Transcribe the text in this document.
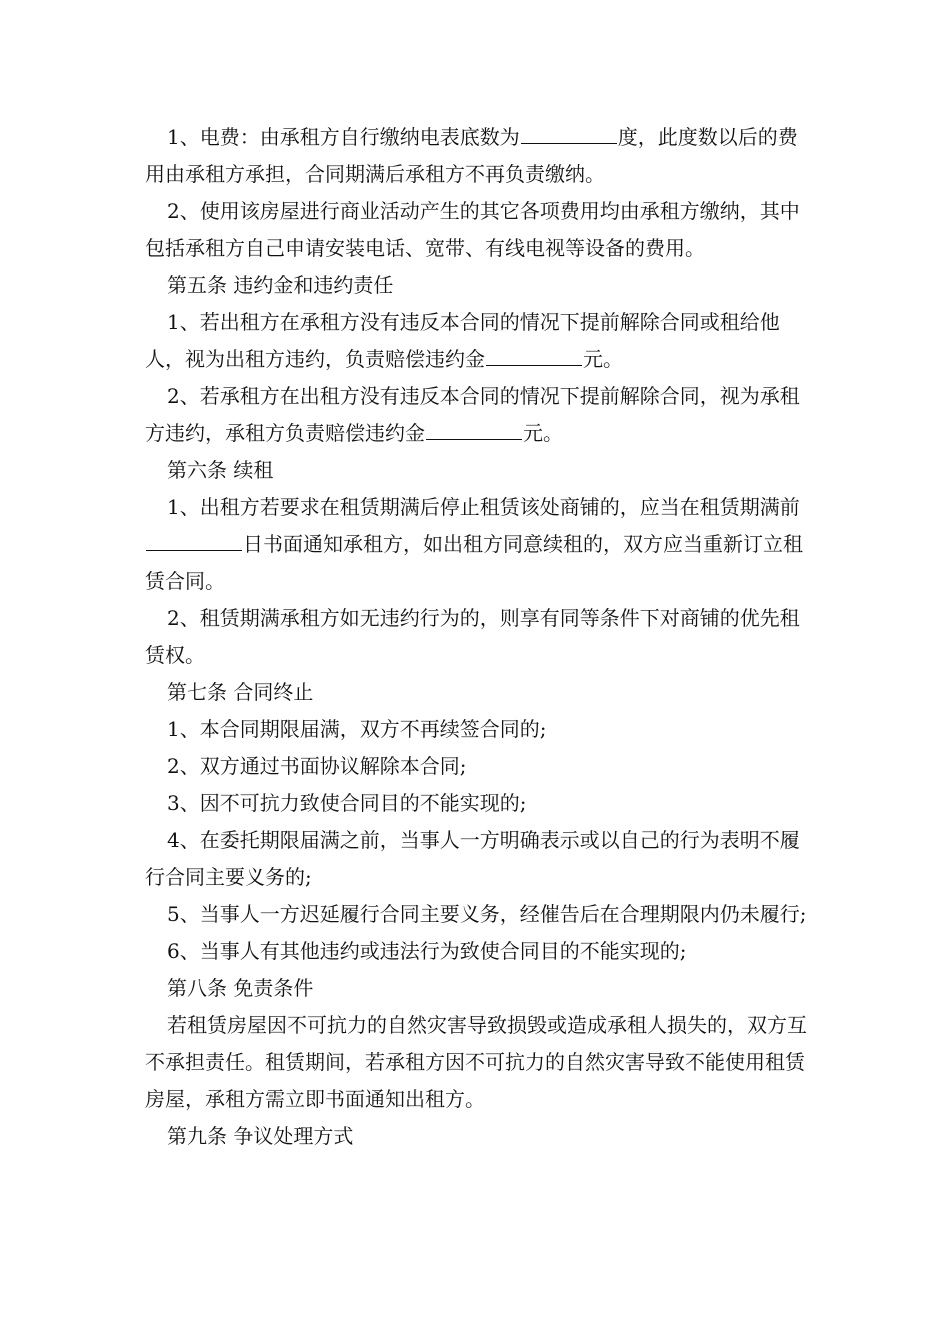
1、电费：由承租方自行缴纳电表底数为	度，此度数以后的费用由承租方承担，合同期满后承租方不再负责缴纳。

2、使用该房屋进行商业活动产生的其它各项费用均由承租方缴纳，其中包括承租方自己申请安装电话、宽带、有线电视等设备的费用。

第五条 违约金和违约责任

1、若出租方在承租方没有违反本合同的情况下提前解除合同或租给他人，视为出租方违约，负责赔偿违约金	元。

2、若承租方在出租方没有违反本合同的情况下提前解除合同，视为承租方违约，承租方负责赔偿违约金	元。

第六条 续租

1、出租方若要求在租赁期满后停止租赁该处商铺的，应当在租赁期满前日书面通知承租方，如出租方同意续租的，双方应当重新订立租赁合同。

2、租赁期满承租方如无违约行为的，则享有同等条件下对商铺的优先租赁权。

第七条 合同终止

1、本合同期限届满，双方不再续签合同的;

2、双方通过书面协议解除本合同;

3、因不可抗力致使合同目的不能实现的;

4、在委托期限届满之前，当事人一方明确表示或以自己的行为表明不履行合同主要义务的;

5、当事人一方迟延履行合同主要义务，经催告后在合理期限内仍未履行;

6、当事人有其他违约或违法行为致使合同目的不能实现的;

第八条 免责条件

若租赁房屋因不可抗力的自然灾害导致损毁或造成承租人损失的，双方互不承担责任。租赁期间，若承租方因不可抗力的自然灾害导致不能使用租赁房屋，承租方需立即书面通知出租方。

第九条 争议处理方式
